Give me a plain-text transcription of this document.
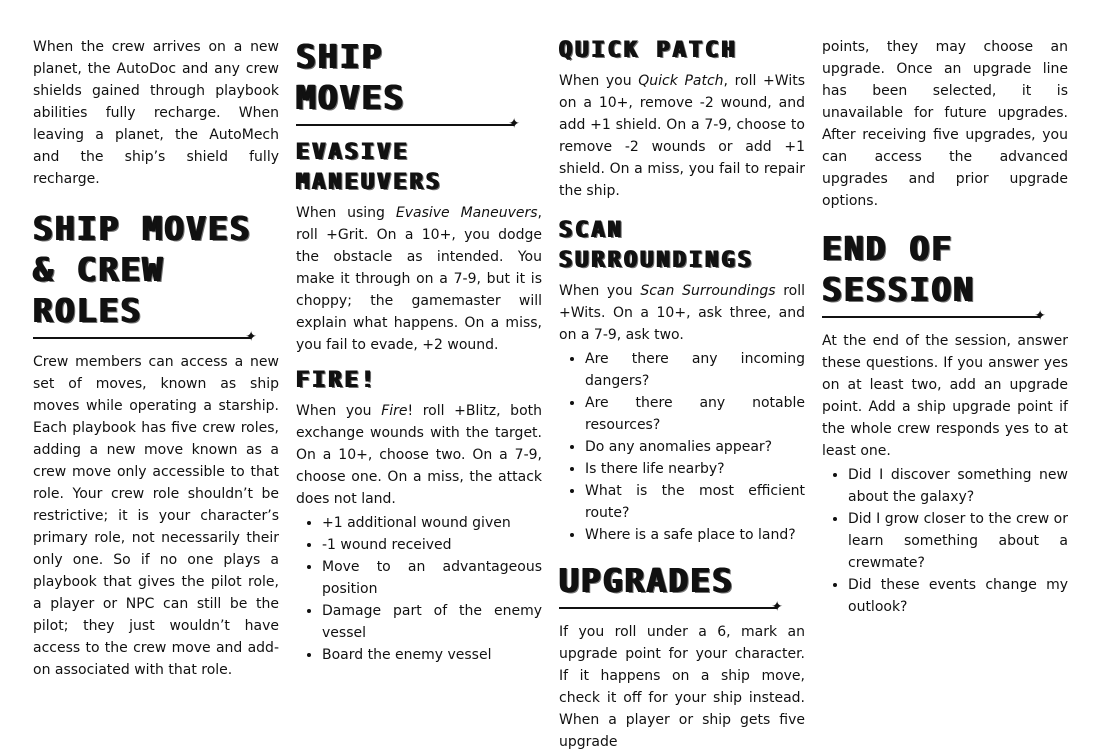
When the crew arrives on a new planet, the AutoDoc and any crew shields gained through playbook abilities fully recharge. When leaving a planet, the AutoMech and the ship’s shield fully recharge.

SHIP MOVES & CREW ROLES
✦

Crew members can access a new set of moves, known as ship moves while operating a starship. Each playbook has five crew roles, adding a new move known as a crew move only accessible to that role. Your crew role shouldn’t be restrictive; it is your character’s primary role, not necessarily their only one. So if no one plays a playbook that gives the pilot role, a player or NPC can still be the pilot; they just wouldn’t have access to the crew move and add-on associated with that role.

SHIP MOVES
✦
EVASIVE MANEUVERS

When using Evasive Maneuvers, roll +Grit. On a 10+, you dodge the obstacle as intended. You make it through on a 7-9, but it is choppy; the gamemaster will explain what happens. On a miss, you fail to evade, +2 wound.

FIRE!

When you Fire! roll +Blitz, both exchange wounds with the target. On a 10+, choose two. On a 7-9, choose one. On a miss, the attack does not land.

• +1 additional wound given
• -1 wound received
• Move to an advantageous position
• Damage part of the enemy vessel
• Board the enemy vessel
QUICK PATCH

When you Quick Patch, roll +Wits on a 10+, remove -2 wound, and add +1 shield. On a 7-9, choose to remove -2 wounds or add +1 shield. On a miss, you fail to repair the ship.

SCAN SURROUNDINGS

When you Scan Surroundings roll +Wits. On a 10+, ask three, and on a 7-9, ask two.

• Are there any incoming dangers?
• Are there any notable resources?
• Do any anomalies appear?
• Is there life nearby?
• What is the most efficient route?
• Where is a safe place to land?
UPGRADES
✦

If you roll under a 6, mark an upgrade point for your character. If it happens on a ship move, check it off for your ship instead. When a player or ship gets five upgrade

points, they may choose an upgrade. Once an upgrade line has been selected, it is unavailable for future upgrades. After receiving five upgrades, you can access the advanced upgrades and prior upgrade options.

END OF SESSION
✦

At the end of the session, answer these questions. If you answer yes on at least two, add an upgrade point. Add a ship upgrade point if the whole crew responds yes to at least one.

• Did I discover something new about the galaxy?
• Did I grow closer to the crew or learn something about a crewmate?
• Did these events change my outlook?
